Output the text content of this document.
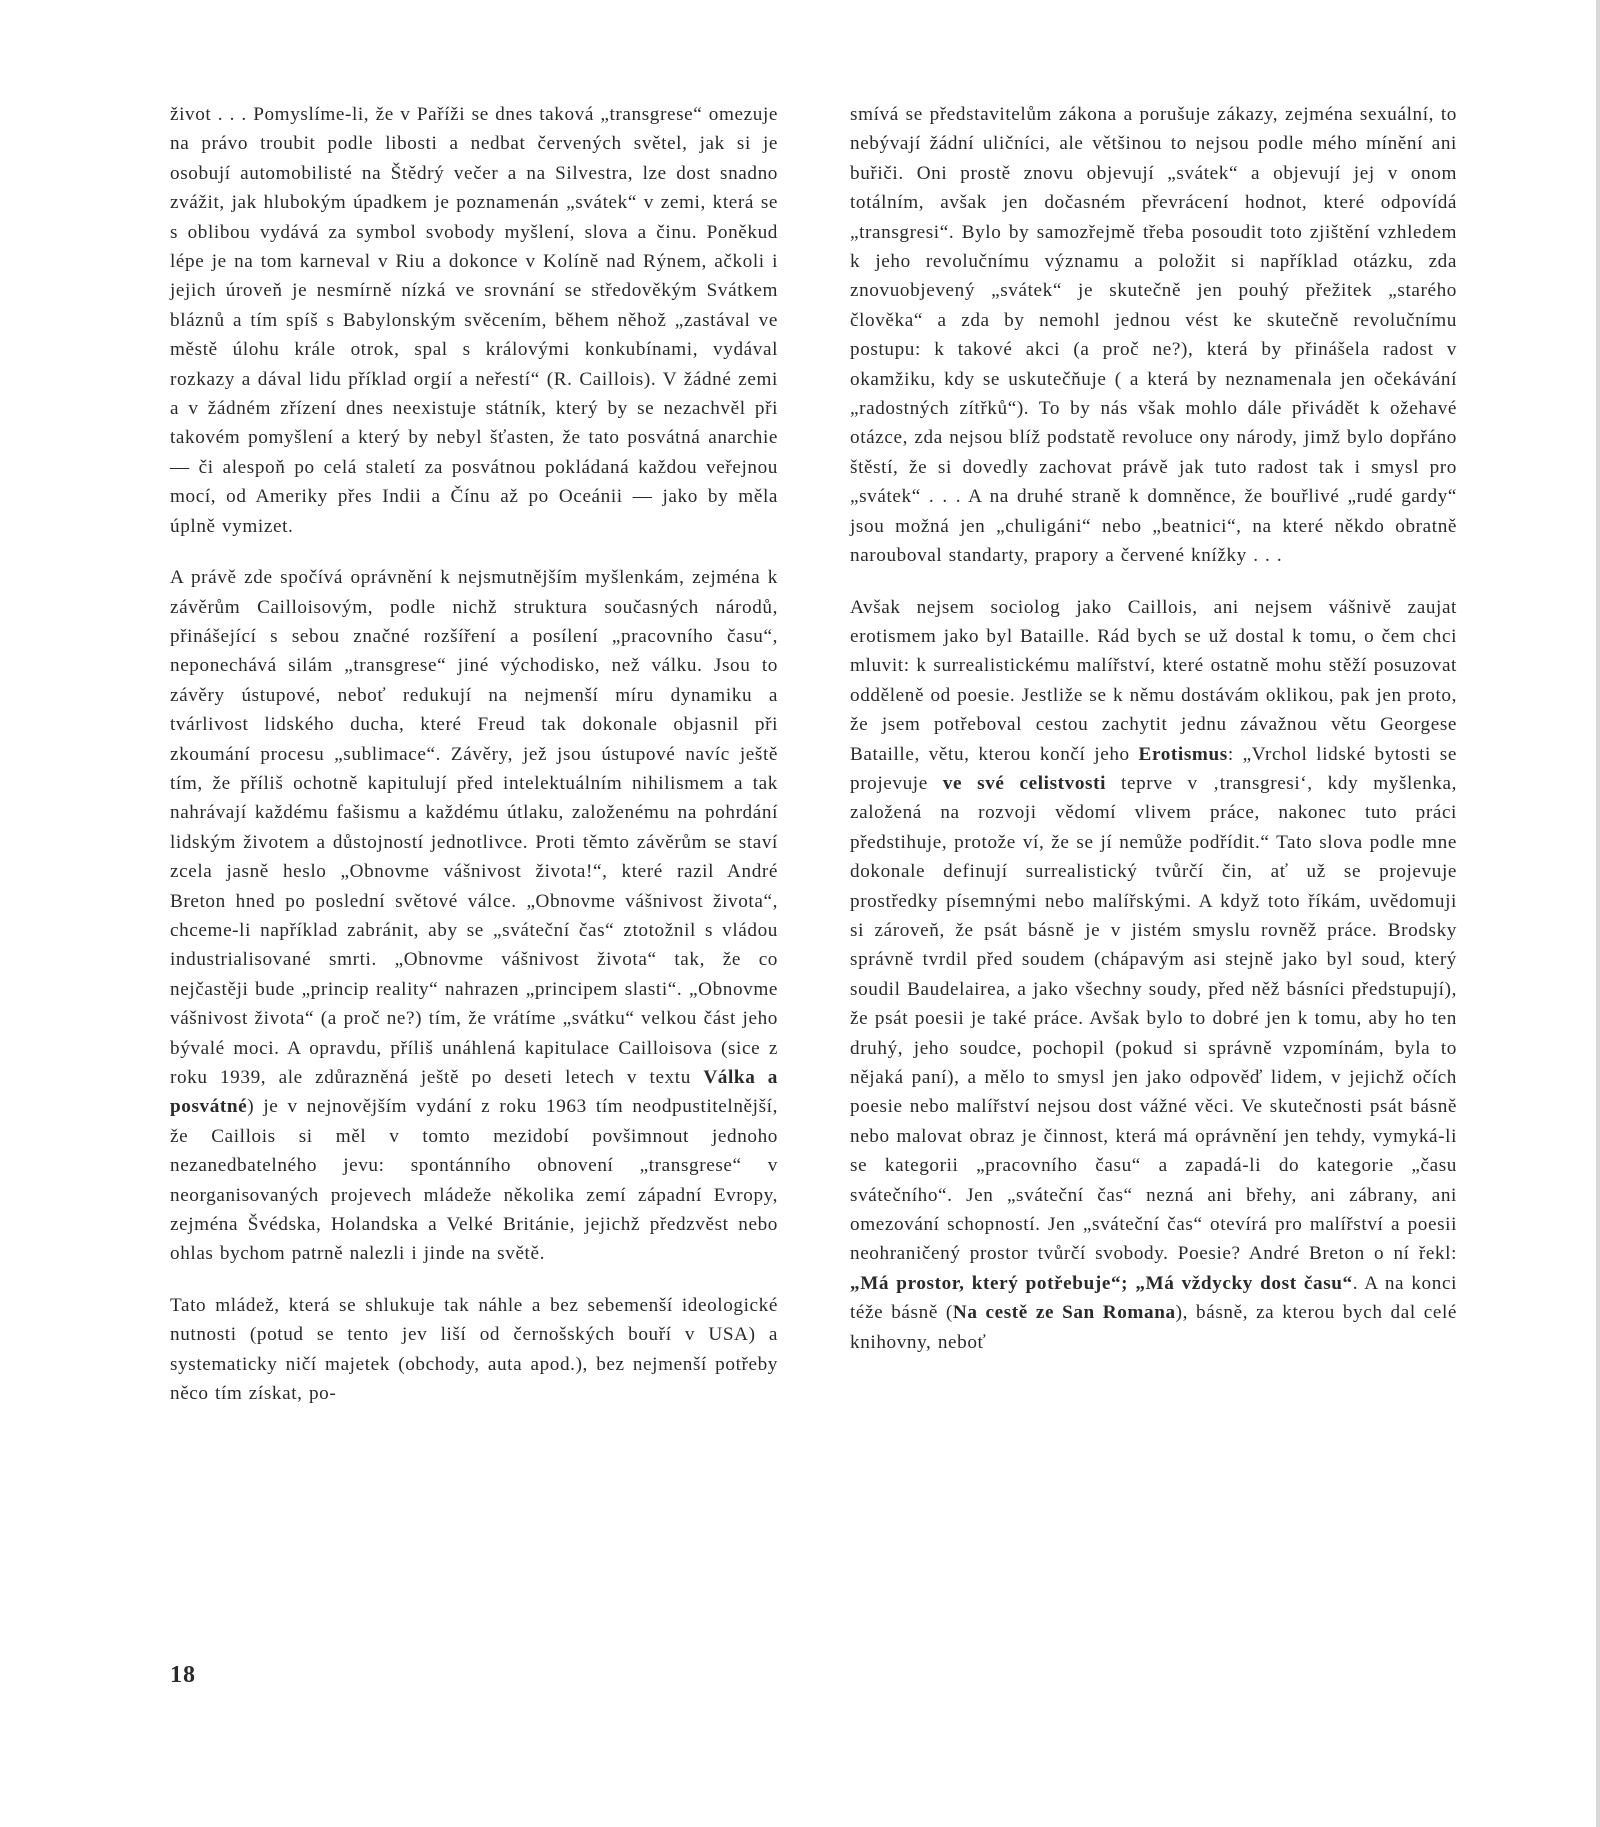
život . . . Pomyslíme-li, že v Paříži se dnes taková „transgrese“ omezuje na právo troubit podle libosti a nedbat červených světel, jak si je osobují automobilisté na Štědrý večer a na Silvestra, lze dost snadno zvážit, jak hlubokým úpadkem je poznamenán „svátek“ v zemi, která se s oblibou vydává za symbol svobody myšlení, slova a činu. Poněkud lépe je na tom karneval v Riu a dokonce v Kolíně nad Rýnem, ačkoli i jejich úroveň je nesmírně nízká ve srovnání se středověkým Svátkem bláznů a tím spíš s Babylonským svěcením, během něhož „zastával ve městě úlohu krále otrok, spal s královými konkubínami, vydával rozkazy a dával lidu příklad orgií a neřestí“ (R. Caillois). V žádné zemi a v žádném zřízení dnes neexistuje státník, který by se nezachvěl při takovém pomyšlení a který by nebyl šťasten, že tato posvátná anarchie — či alespoň po celá staletí za posvátnou pokládaná každou veřejnou mocí, od Ameriky přes Indii a Čínu až po Oceánii — jako by měla úplně vymizet.

A právě zde spočívá oprávnění k nejsmutnějším myšlenkám, zejména k závěrům Cailloisovým, podle nichž struktura současných národů, přinášející s sebou značné rozšíření a posílení „pracovního času“, neponechává silám „transgrese“ jiné východisko, než válku. Jsou to závěry ústupové, neboť redukují na nejmenší míru dynamiku a tvárlivost lidského ducha, které Freud tak dokonale objasnil při zkoumání procesu „sublimace“. Závěry, jež jsou ústupové navíc ještě tím, že příliš ochotně kapitulují před intelektuálním nihilismem a tak nahrávají každému fašismu a každému útlaku, založenému na pohrdání lidským životem a důstojností jednotlivce. Proti těmto závěrům se staví zcela jasně heslo „Obnovme vášnivost života!“, které razil André Breton hned po poslední světové válce. „Obnovme vášnivost života“, chceme-li například zabránit, aby se „sváteční čas“ ztotožnil s vládou industrialisované smrti. „Obnovme vášnivost života“ tak, že co nejčastěji bude „princip reality“ nahrazen „principem slasti“. „Obnovme vášnivost života“ (a proč ne?) tím, že vrátíme „svátku“ velkou část jeho bývalé moci. A opravdu, příliš unáhlená kapitulace Cailloisova (sice z roku 1939, ale zdůrazněná ještě po deseti letech v textu Válka a posvátné) je v nejnovějším vydání z roku 1963 tím neodpustitelnější, že Caillois si měl v tomto mezidobí povšimnout jednoho nezanedbatelného jevu: spontánního obnovení „transgrese“ v neorganisovaných projevech mládeže několika zemí západní Evropy, zejména Švédska, Holandska a Velké Británie, jejichž předzvěst nebo ohlas bychom patrně nalezli i jinde na světě.

Tato mládež, která se shlukuje tak náhle a bez sebemenší ideologické nutnosti (potud se tento jev liší od černošských bouří v USA) a systematicky ničí majetek (obchody, auta apod.), bez nejmenší potřeby něco tím získat, po-

smívá se představitelům zákona a porušuje zákazy, zejména sexuální, to nebývají žádní uličníci, ale většinou to nejsou podle mého mínění ani buřiči. Oni prostě znovu objevují „svátek“ a objevují jej v onom totálním, avšak jen dočasném převrácení hodnot, které odpovídá „transgresi“. Bylo by samozřejmě třeba posoudit toto zjištění vzhledem k jeho revolučnímu významu a položit si například otázku, zda znovuobjevený „svátek“ je skutečně jen pouhý přežitek „starého člověka“ a zda by nemohl jednou vést ke skutečně revolučnímu postupu: k takové akci (a proč ne?), která by přinášela radost v okamžiku, kdy se uskutečňuje ( a která by neznamenala jen očekávání „radostných zítřků“). To by nás však mohlo dále přivádět k ožehavé otázce, zda nejsou blíž podstatě revoluce ony národy, jimž bylo dopřáno štěstí, že si dovedly zachovat právě jak tuto radost tak i smysl pro „svátek“ . . . A na druhé straně k domněnce, že bouřlivé „rudé gardy“ jsou možná jen „chuligáni“ nebo „beatnici“, na které někdo obratně narouboval standarty, prapory a červené knížky . . .

Avšak nejsem sociolog jako Caillois, ani nejsem vášnivě zaujat erotismem jako byl Bataille. Rád bych se už dostal k tomu, o čem chci mluvit: k surrealistickému malířství, které ostatně mohu stěží posuzovat odděleně od poesie. Jestliže se k němu dostávám oklikou, pak jen proto, že jsem potřeboval cestou zachytit jednu závažnou větu Georgese Bataille, větu, kterou končí jeho Erotismus: „Vrchol lidské bytosti se projevuje ve své celistvosti teprve v ‚transgresi‘, kdy myšlenka, založená na rozvoji vědomí vlivem práce, nakonec tuto práci předstihuje, protože ví, že se jí nemůže podřídit.“ Tato slova podle mne dokonale definují surrealistický tvůrčí čin, ať už se projevuje prostředky písemnými nebo malířskými. A když toto říkám, uvědomuji si zároveň, že psát básně je v jistém smyslu rovněž práce. Brodsky správně tvrdil před soudem (chápavým asi stejně jako byl soud, který soudil Baudelairea, a jako všechny soudy, před něž básníci předstupují), že psát poesii je také práce. Avšak bylo to dobré jen k tomu, aby ho ten druhý, jeho soudce, pochopil (pokud si správně vzpomínám, byla to nějaká paní), a mělo to smysl jen jako odpověď lidem, v jejichž očích poesie nebo malířství nejsou dost vážné věci. Ve skutečnosti psát básně nebo malovat obraz je činnost, která má oprávnění jen tehdy, vymyká-li se kategorii „pracovního času“ a zapadá-li do kategorie „času svátečního“. Jen „sváteční čas“ nezná ani břehy, ani zábrany, ani omezování schopností. Jen „sváteční čas“ otevírá pro malířství a poesii neohraničený prostor tvůrčí svobody. Poesie? André Breton o ní řekl: „Má prostor, který potřebuje“; „Má vždycky dost času“. A na konci téže básně (Na cestě ze San Romana), básně, za kterou bych dal celé knihovny, neboť

18
